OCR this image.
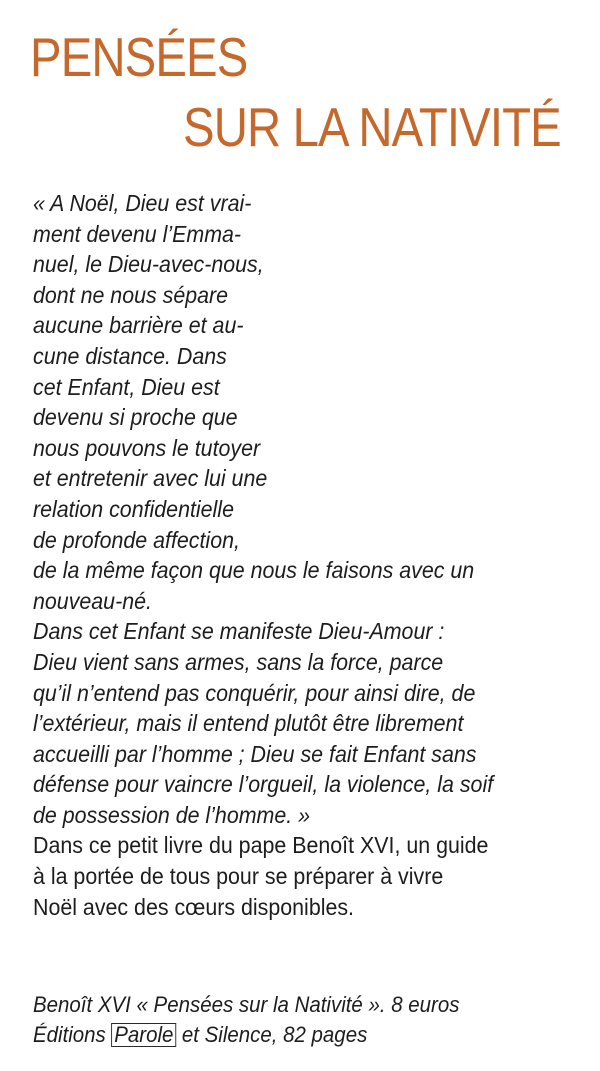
PENSÉES
SUR LA NATIVITÉ
« A Noël, Dieu est vrai-
ment devenu l’Emma-
nuel, le Dieu-avec-nous,
dont ne nous sépare
aucune barrière et au-
cune distance. Dans
cet Enfant, Dieu est
devenu si proche que
nous pouvons le tutoyer
et entretenir avec lui une
relation confidentielle
de profonde affection,
de la même façon que nous le faisons avec un
nouveau-né.
Dans cet Enfant se manifeste Dieu-Amour :
Dieu vient sans armes, sans la force, parce
qu’il n’entend pas conquérir, pour ainsi dire, de
l’extérieur, mais il entend plutôt être librement
accueilli par l’homme ; Dieu se fait Enfant sans
défense pour vaincre l’orgueil, la violence, la soif
de possession de l’homme. »
Dans ce petit livre du pape Benoît XVI, un guide
à la portée de tous pour se préparer à vivre
Noël avec des cœurs disponibles.
Benoît XVI « Pensées sur la Nativité ». 8 euros
Éditions Parole et Silence, 82 pages
